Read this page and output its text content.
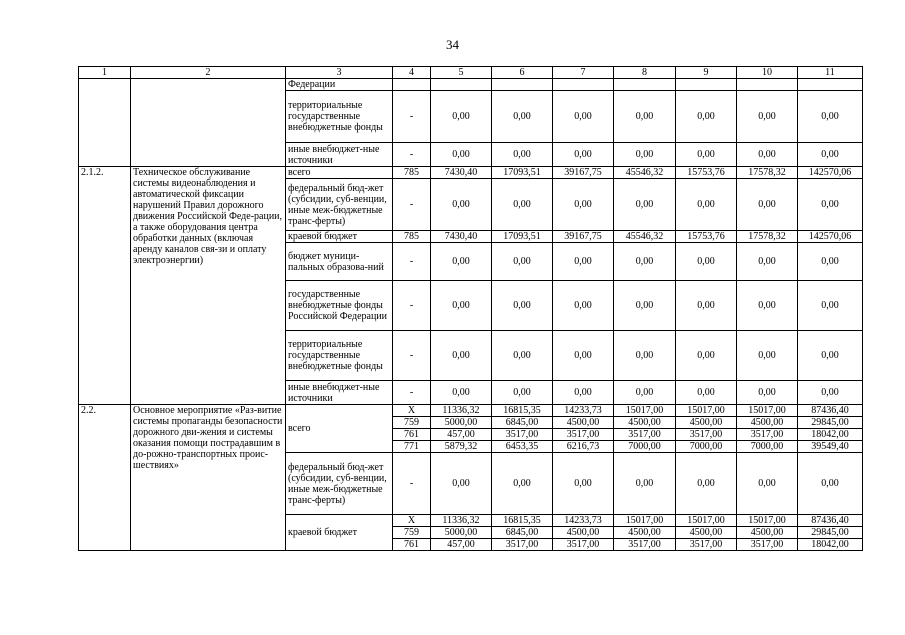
34
1	2	3	4	5	6	7	8	9	10	11
		Федерации								
		территориальные государственные внебюджетные фонды	-	0,00	0,00	0,00	0,00	0,00	0,00	0,00
		иные внебюджет-ные источники	-	0,00	0,00	0,00	0,00	0,00	0,00	0,00
2.1.2.	Техническое обслуживание системы видеонаблюдения и автоматической фиксации нарушений Правил дорожного движения Российской Феде-рации, а также оборудования центра обработки данных (включая аренду каналов свя-зи и оплату электроэнергии)	всего	785	7430,40	17093,51	39167,75	45546,32	15753,76	17578,32	142570,06
		федеральный бюд-жет (субсидии, суб-венции, иные меж-бюджетные транс-ферты)	-	0,00	0,00	0,00	0,00	0,00	0,00	0,00
		краевой бюджет	785	7430,40	17093,51	39167,75	45546,32	15753,76	17578,32	142570,06
		бюджет муници-пальных образова-ний	-	0,00	0,00	0,00	0,00	0,00	0,00	0,00
		государственные внебюджетные фонды Российской Федерации	-	0,00	0,00	0,00	0,00	0,00	0,00	0,00
		территориальные государственные внебюджетные фонды	-	0,00	0,00	0,00	0,00	0,00	0,00	0,00
		иные внебюджет-ные источники	-	0,00	0,00	0,00	0,00	0,00	0,00	0,00
2.2.	Основное мероприятие «Раз-витие системы пропаганды безопасности дорожного дви-жения и системы оказания помощи пострадавшим в до-рожно-транспортных проис-шествиях»	всего	Х	11336,32	16815,35	14233,73	15017,00	15017,00	15017,00	87436,40
			759	5000,00	6845,00	4500,00	4500,00	4500,00	4500,00	29845,00
			761	457,00	3517,00	3517,00	3517,00	3517,00	3517,00	18042,00
			771	5879,32	6453,35	6216,73	7000,00	7000,00	7000,00	39549,40
		федеральный бюд-жет (субсидии, суб-венции, иные меж-бюджетные транс-ферты)	-	0,00	0,00	0,00	0,00	0,00	0,00	0,00
		краевой бюджет	Х	11336,32	16815,35	14233,73	15017,00	15017,00	15017,00	87436,40
			759	5000,00	6845,00	4500,00	4500,00	4500,00	4500,00	29845,00
			761	457,00	3517,00	3517,00	3517,00	3517,00	3517,00	18042,00
